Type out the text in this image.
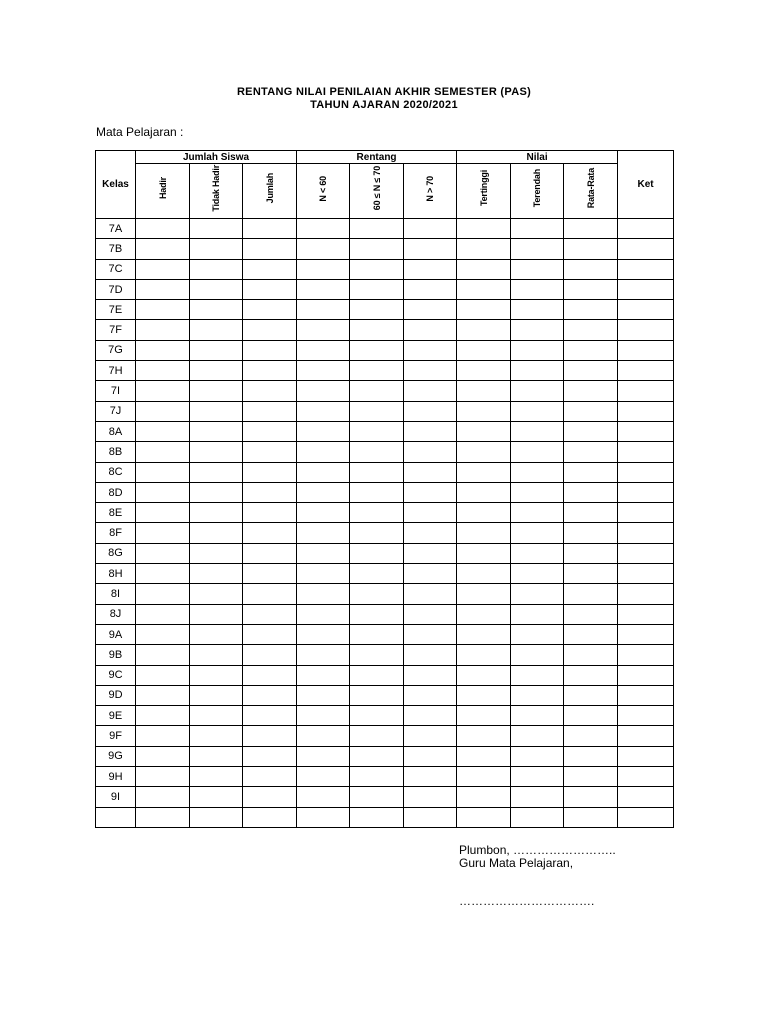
RENTANG NILAI PENILAIAN AKHIR SEMESTER (PAS)
TAHUN AJARAN 2020/2021
Mata Pelajaran :
Kelas	Jumlah Siswa			Rentang			Nilai			Ket
	Hadir	Tidak Hadir	Jumlah	N < 60	60 ≤ N ≤ 70	N > 70	Tertinggi	Terendah	Rata-Rata	
7A										
7B										
7C										
7D										
7E										
7F										
7G										
7H										
7I										
7J										
8A										
8B										
8C										
8D										
8E										
8F										
8G										
8H										
8I										
8J										
9A										
9B										
9C										
9D										
9E										
9F										
9G										
9H										
9I										

Plumbon, ……………………..
Guru Mata Pelajaran,
…………………………….
